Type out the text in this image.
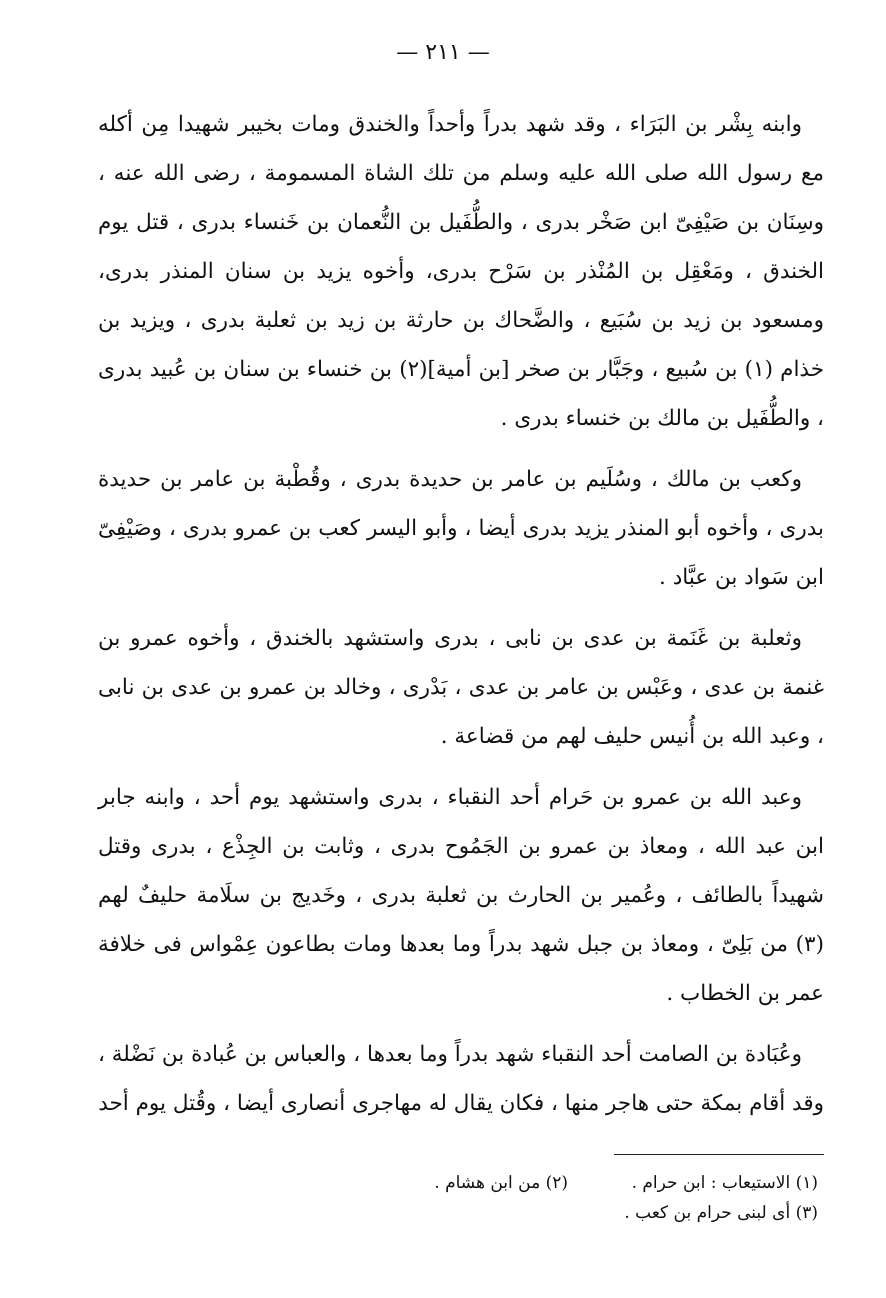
— ٢١١ —

وابنه بِشْر بن البَرَاء ، وقد شهد بدراً وأحداً والخندق ومات بخيبر شهيدا مِن أكله مع رسول الله صلى الله عليه وسلم من تلك الشاة المسمومة ، رضى الله عنه ، وسِنَان بن صَيْفِىّ ابن صَخْر بدرى ، والطُّفَيل بن النُّعمان بن خَنساء بدرى ، قتل يوم الخندق ، ومَعْقِل بن المُنْذر بن سَرْح بدرى، وأخوه يزيد بن سنان المنذر بدرى، ومسعود بن زيد بن سُبَيع ، والضَّحاك بن حارثة بن زيد بن ثعلبة بدرى ، ويزيد بن خذام (١) بن سُبيع ، وجَبَّار بن صخر [بن أمية](٢) بن خنساء بن سنان بن عُبيد بدرى ، والطُّفَيل بن مالك بن خنساء بدرى .

وكعب بن مالك ، وسُلَيم بن عامر بن حديدة بدرى ، وقُطْبة بن عامر بن حديدة بدرى ، وأخوه أبو المنذر يزيد بدرى أيضا ، وأبو اليسر كعب بن عمرو بدرى ، وصَيْفِىّ ابن سَواد بن عبَّاد .

وثعلبة بن غَنَمة بن عدى بن نابى ، بدرى واستشهد بالخندق ، وأخوه عمرو بن غنمة بن عدى ، وعَبْس بن عامر بن عدى ، بَدْرى ، وخالد بن عمرو بن عدى بن نابى ، وعبد الله بن أُنيس حليف لهم من قضاعة .

وعبد الله بن عمرو بن حَرام أحد النقباء ، بدرى واستشهد يوم أحد ، وابنه جابر ابن عبد الله ، ومعاذ بن عمرو بن الجَمُوح بدرى ، وثابت بن الجِذْع ، بدرى وقتل شهيداً بالطائف ، وعُمير بن الحارث بن ثعلبة بدرى ، وخَديج بن سلَامة حليفٌ لهم (٣) من بَلِىّ ، ومعاذ بن جبل شهد بدراً وما بعدها ومات بطاعون عِمْواس فى خلافة عمر بن الخطاب .

وعُبَادة بن الصامت أحد النقباء شهد بدراً وما بعدها ، والعباس بن عُبادة بن نَضْلة ، وقد أقام بمكة حتى هاجر منها ، فكان يقال له مهاجرى أنصارى أيضا ، وقُتل يوم أحد

(١) الاستيعاب : ابن حرام .
(٢) من ابن هشام .
(٣) أى لبنى حرام بن كعب .
